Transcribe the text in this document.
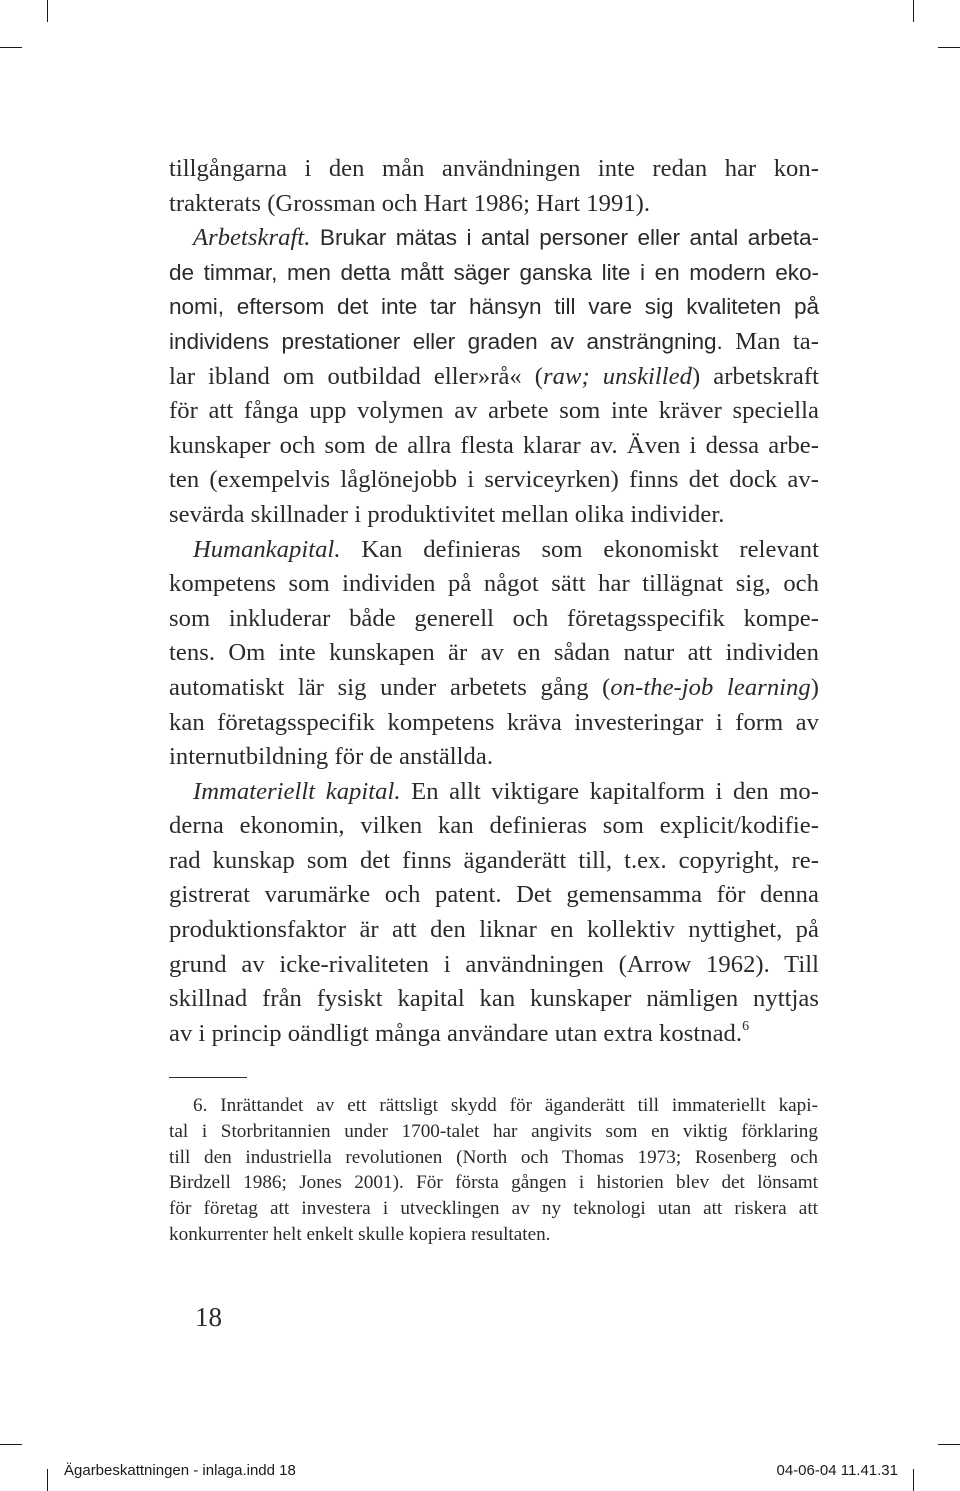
tillgångarna i den mån användningen inte redan har kon-
trakterats (Grossman och Hart 1986; Hart 1991).
Arbetskraft. Brukar mätas i antal personer eller antal arbeta-
de timmar, men detta mått säger ganska lite i en modern eko-
nomi, eftersom det inte tar hänsyn till vare sig kvaliteten på
individens prestationer eller graden av ansträngning. Man ta-
lar ibland om outbildad eller»rå« (raw; unskilled) arbetskraft
för att fånga upp volymen av arbete som inte kräver speciella
kunskaper och som de allra flesta klarar av. Även i dessa arbe-
ten (exempelvis låglönejobb i serviceyrken) finns det dock av-
sevärda skillnader i produktivitet mellan olika individer.
Humankapital. Kan definieras som ekonomiskt relevant
kompetens som individen på något sätt har tillägnat sig, och
som inkluderar både generell och företagsspecifik kompe-
tens. Om inte kunskapen är av en sådan natur att individen
automatiskt lär sig under arbetets gång (on-the-job learning)
kan företagsspecifik kompetens kräva investeringar i form av
internutbildning för de anställda.
Immateriellt kapital. En allt viktigare kapitalform i den mo-
derna ekonomin, vilken kan definieras som explicit/kodifie-
rad kunskap som det finns äganderätt till, t.ex. copyright, re-
gistrerat varumärke och patent. Det gemensamma för denna
produktionsfaktor är att den liknar en kollektiv nyttighet, på
grund av icke-rivaliteten i användningen (Arrow 1962). Till
skillnad från fysiskt kapital kan kunskaper nämligen nyttjas
av i princip oändligt många användare utan extra kostnad.$^6$
6. Inrättandet av ett rättsligt skydd för äganderätt till immateriellt kapi-
tal i Storbritannien under 1700-talet har angivits som en viktig förklaring
till den industriella revolutionen (North och Thomas 1973; Rosenberg och
Birdzell 1986; Jones 2001). För första gången i historien blev det lönsamt
för företag att investera i utvecklingen av ny teknologi utan att riskera att
konkurrenter helt enkelt skulle kopiera resultaten.
18
Ägarbeskattningen - inlaga.indd 18	04-06-04 11.41.31
